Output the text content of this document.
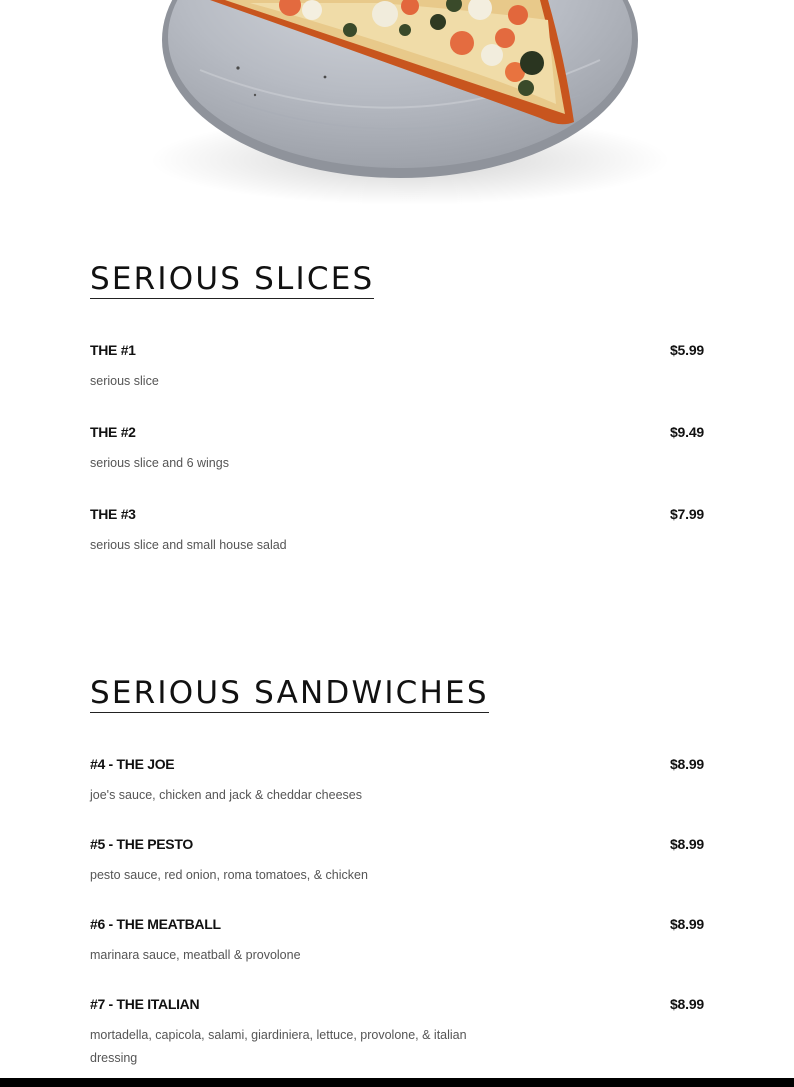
SERIOUS SLICES
THE #1	$5.99
serious slice
THE #2	$9.49
serious slice and 6 wings
THE #3	$7.99
serious slice and small house salad
SERIOUS SANDWICHES
#4 - THE JOE	$8.99
joe's sauce, chicken and jack & cheddar cheeses
#5 - THE PESTO	$8.99
pesto sauce, red onion, roma tomatoes, & chicken
#6 - THE MEATBALL	$8.99
marinara sauce, meatball & provolone
#7 - THE ITALIAN	$8.99
mortadella, capicola, salami, giardiniera, lettuce, provolone, & italian dressing
